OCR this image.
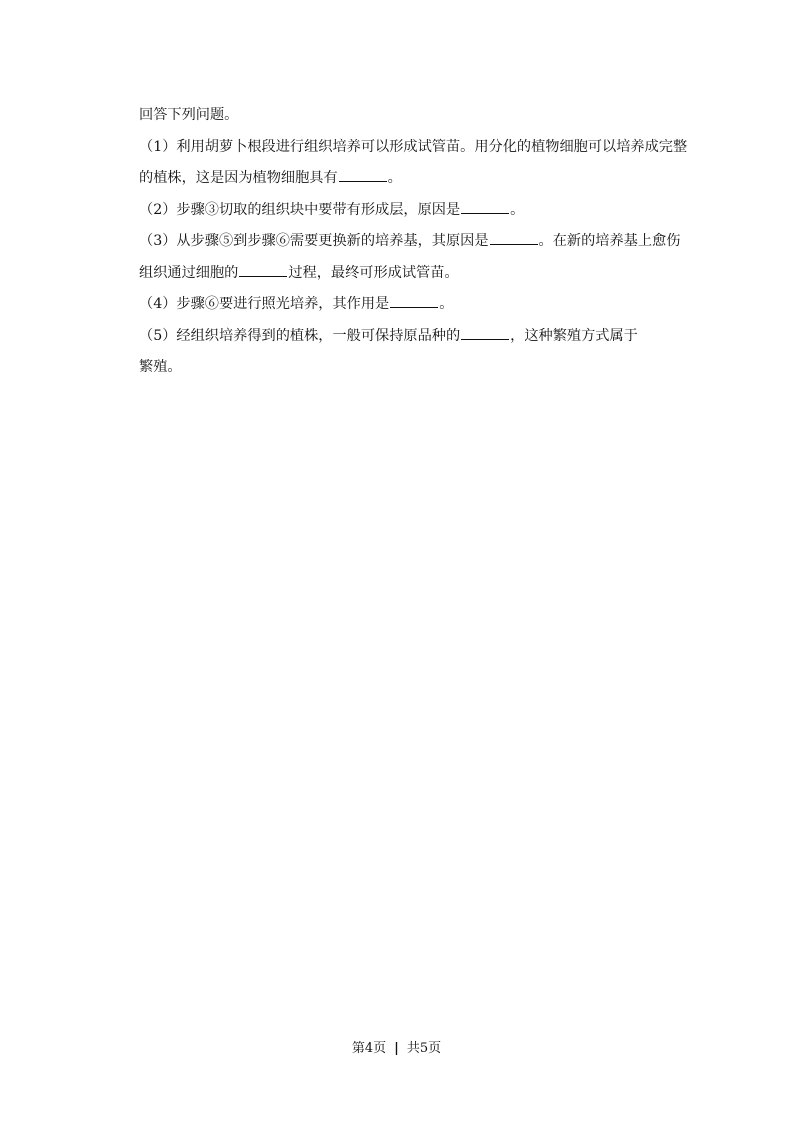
回答下列问题。
（1）利用胡萝卜根段进行组织培养可以形成试管苗。用分化的植物细胞可以培养成完整
的植株，这是因为植物细胞具有	。
（2）步骤③切取的组织块中要带有形成层，原因是	。
（3）从步骤⑤到步骤⑥需要更换新的培养基，其原因是	。在新的培养基上愈伤
组织通过细胞的	过程，最终可形成试管苗。
（4）步骤⑥要进行照光培养，其作用是	。
（5）经组织培养得到的植株，一般可保持原品种的	，这种繁殖方式属于
繁殖。
第4页 | 共5页
